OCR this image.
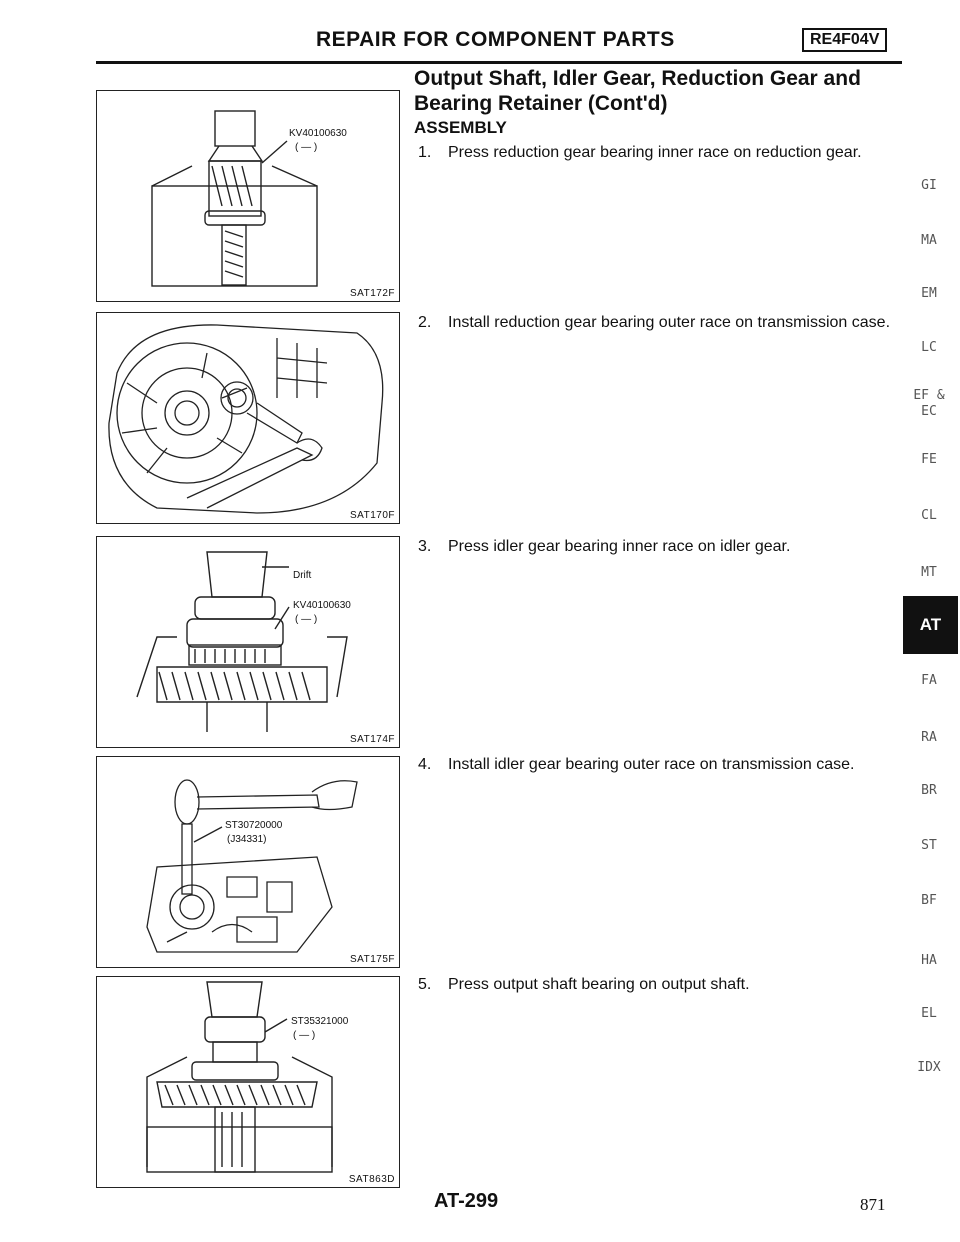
REPAIR FOR COMPONENT PARTS	RE4F04V
Output Shaft, Idler Gear, Reduction Gear and Bearing Retainer (Cont'd)
ASSEMBLY
1. Press reduction gear bearing inner race on reduction gear.
2. Install reduction gear bearing outer race on transmission case.
3. Press idler gear bearing inner race on idler gear.
4. Install idler gear bearing outer race on transmission case.
5. Press output shaft bearing on output shaft.
KV40100630
( — )
SAT172F
SAT170F
Drift
KV40100630
( — )
SAT174F
ST30720000
(J34331)
SAT175F
ST35321000
( — )
SAT863D
GI
MA
EM
LC
EF &
EC
FE
CL
MT
AT
FA
RA
BR
ST
BF
HA
EL
IDX
AT-299	871
